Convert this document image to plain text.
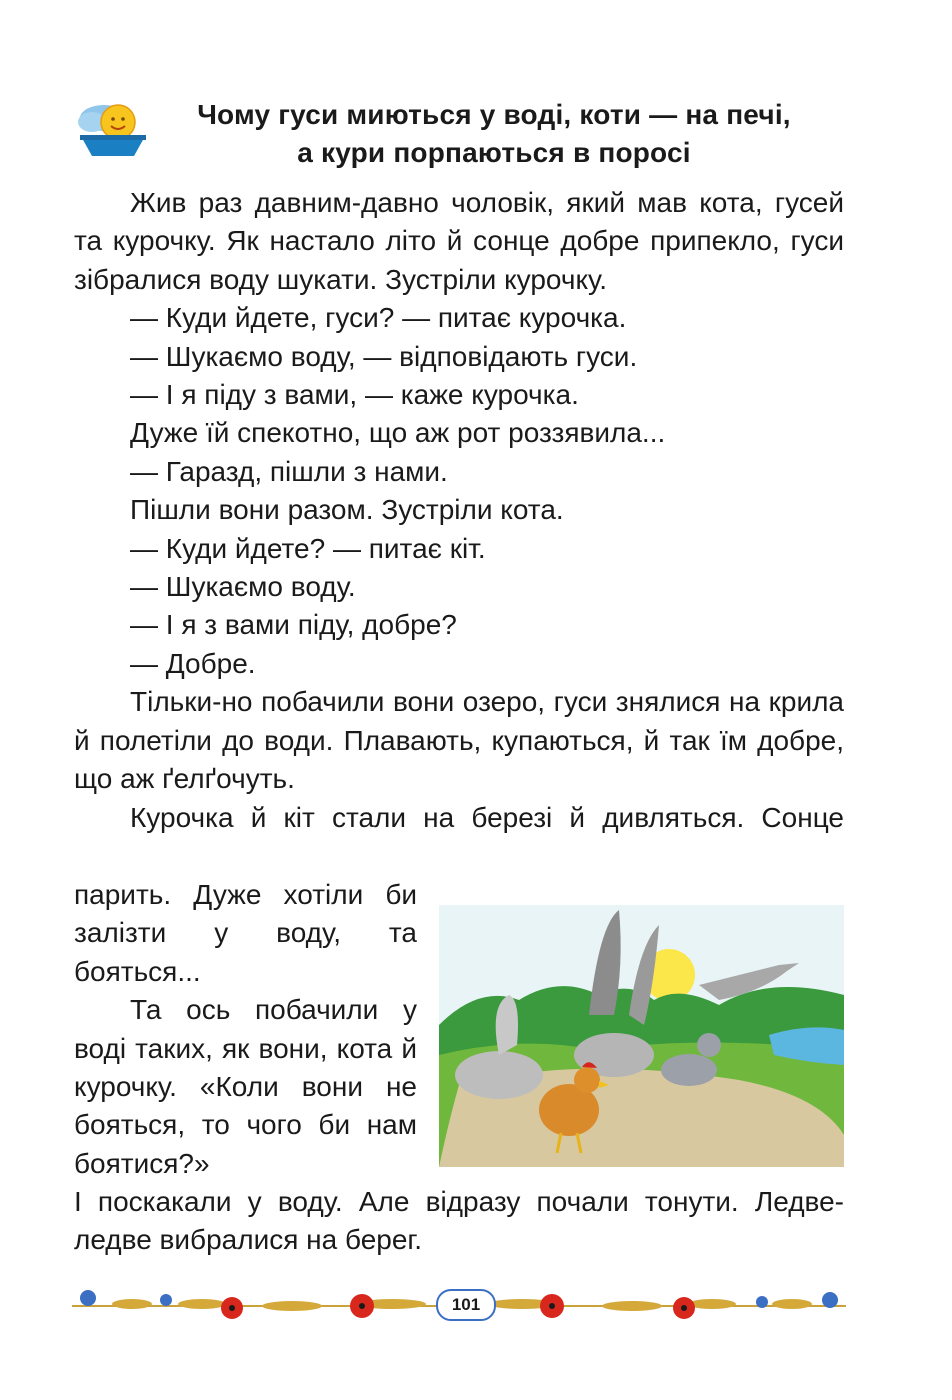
Чому гуси миються у воді, коти — на печі,
а кури порпаються в поросі

Жив раз давним-давно чоловік, який мав кота, гусей та курочку. Як настало літо й сонце добре припекло, гуси зібралися воду шукати. Зустріли курочку.

— Куди йдете, гуси? — питає курочка.

— Шукаємо воду, — відповідають гуси.

— І я піду з вами, — каже курочка.

Дуже їй спекотно, що аж рот роззявила...

— Гаразд, пішли з нами.

Пішли вони разом. Зустріли кота.

— Куди йдете? — питає кіт.

— Шукаємо воду.

— І я з вами піду, добре?

— Добре.

Тільки-но побачили вони озеро, гуси знялися на крила й полетіли до води. Плавають, купаються, й так їм добре, що аж ґелґочуть.

Курочка й кіт стали на березі й дивляться. Сонце

парить. Дуже хотіли би залізти у воду, та бояться...

Та ось побачили у воді таких, як вони, кота й курочку. «Коли вони не бояться, то чого би нам боятися?»

І поскакали у воду. Але відразу почали тонути. Ледве-ледве вибралися на берег.

101
